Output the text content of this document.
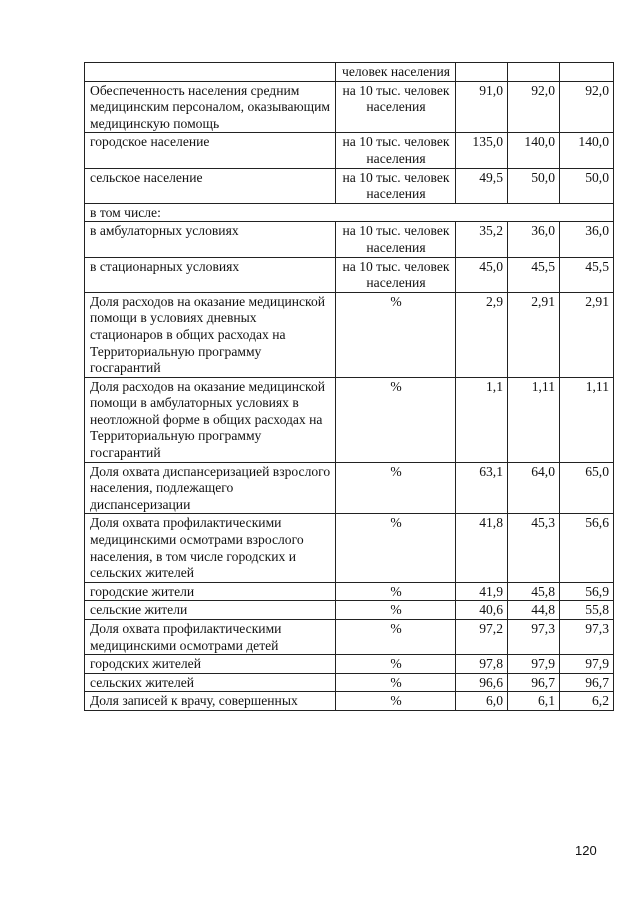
	человек населения			
Обеспеченность населения средним медицинским персоналом, оказывающим медицинскую помощь	на 10 тыс. человек населения	91,0	92,0	92,0
городское население	на 10 тыс. человек населения	135,0	140,0	140,0
сельское население	на 10 тыс. человек населения	49,5	50,0	50,0
в том числе:				
в амбулаторных условиях	на 10 тыс. человек населения	35,2	36,0	36,0
в стационарных условиях	на 10 тыс. человек населения	45,0	45,5	45,5
Доля расходов на оказание медицинской помощи в условиях дневных стационаров в общих расходах на Территориальную программу госгарантий	%	2,9	2,91	2,91
Доля расходов на оказание медицинской помощи в амбулаторных условиях в неотложной форме в общих расходах на Территориальную программу госгарантий	%	1,1	1,11	1,11
Доля охвата диспансеризацией взрослого населения, подлежащего диспансеризации	%	63,1	64,0	65,0
Доля охвата профилактическими медицинскими осмотрами взрослого населения, в том числе городских и сельских жителей	%	41,8	45,3	56,6
городские жители	%	41,9	45,8	56,9
сельские жители	%	40,6	44,8	55,8
Доля охвата профилактическими медицинскими осмотрами детей	%	97,2	97,3	97,3
городских жителей	%	97,8	97,9	97,9
сельских жителей	%	96,6	96,7	96,7
Доля записей к врачу, совершенных	%	6,0	6,1	6,2
120
